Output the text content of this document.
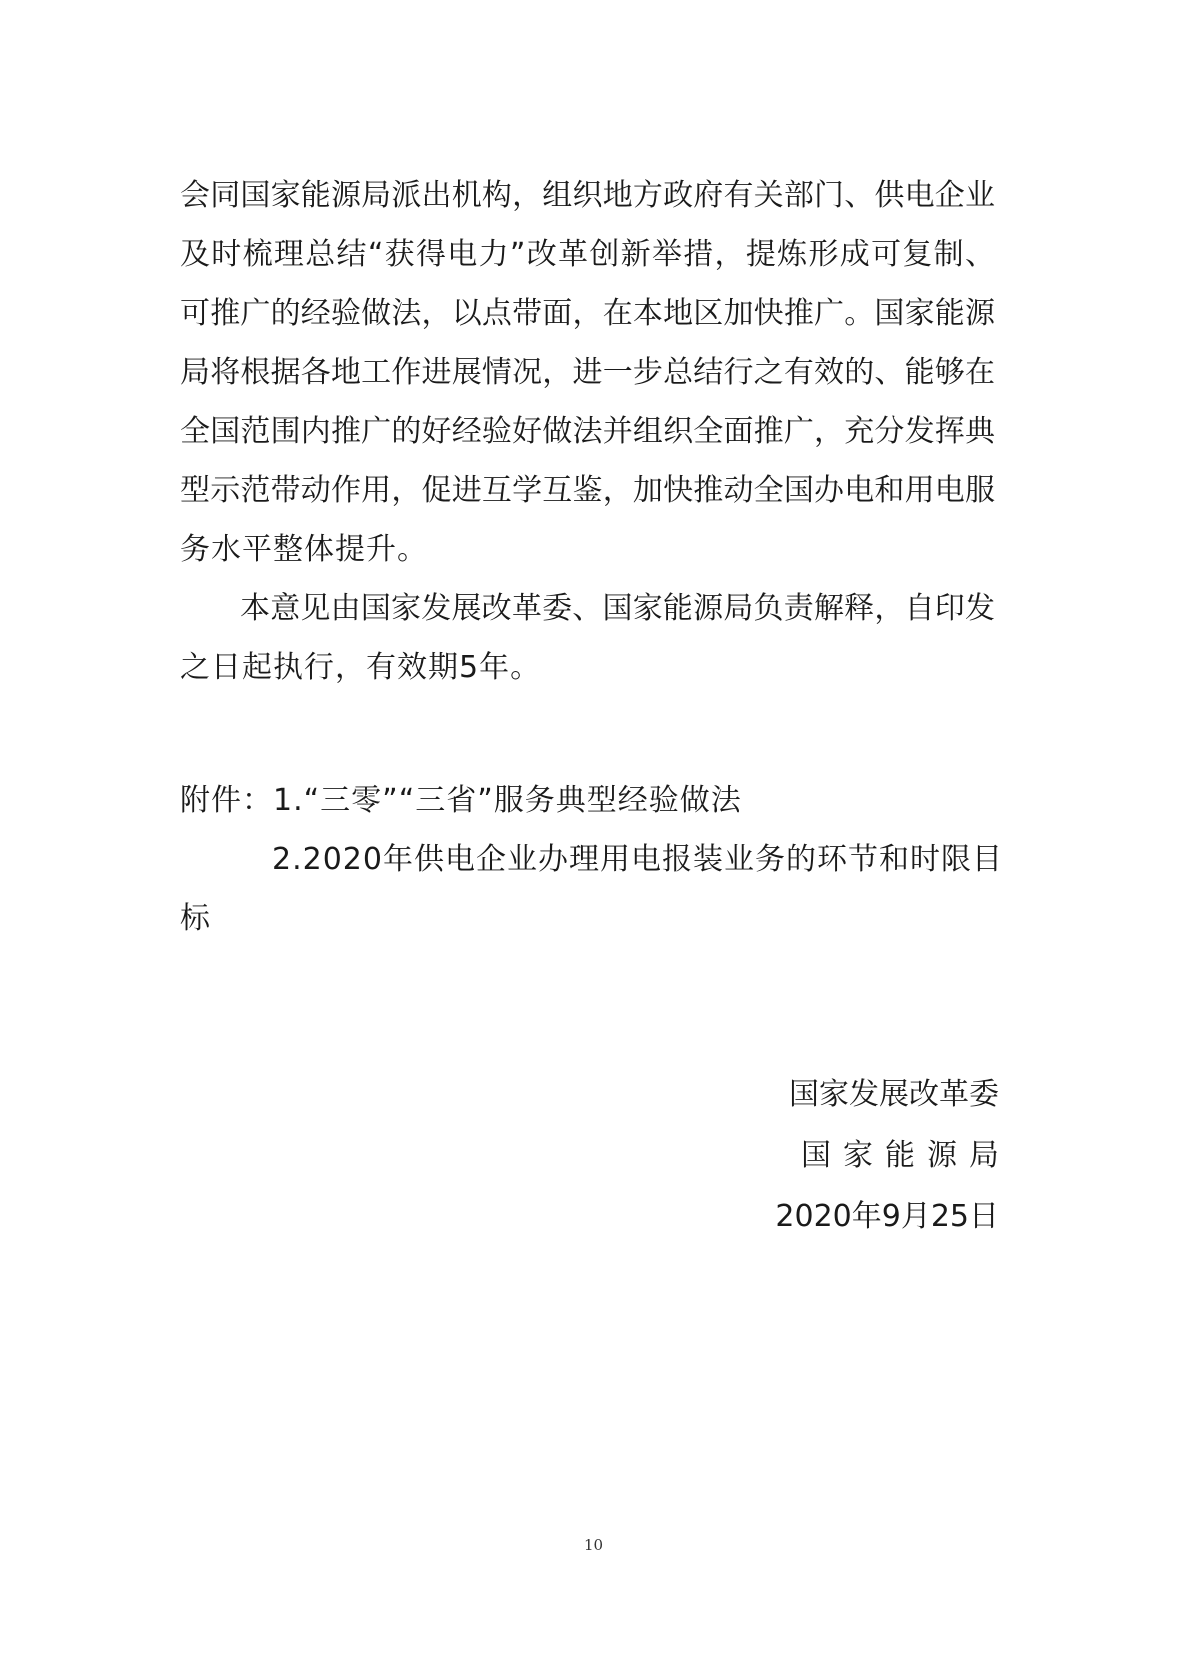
会同国家能源局派出机构，组织地方政府有关部门、供电企业
及时梳理总结“获得电力”改革创新举措，提炼形成可复制、
可推广的经验做法，以点带面，在本地区加快推广。国家能源
局将根据各地工作进展情况，进一步总结行之有效的、能够在
全国范围内推广的好经验好做法并组织全面推广，充分发挥典
型示范带动作用，促进互学互鉴，加快推动全国办电和用电服
务水平整体提升。
本意见由国家发展改革委、国家能源局负责解释，自印发
之日起执行，有效期5年。
附件：1.“三零”“三省”服务典型经验做法
2.2020年供电企业办理用电报装业务的环节和时限目
标
国家发展改革委
国家能源局
2020年9月25日
10
